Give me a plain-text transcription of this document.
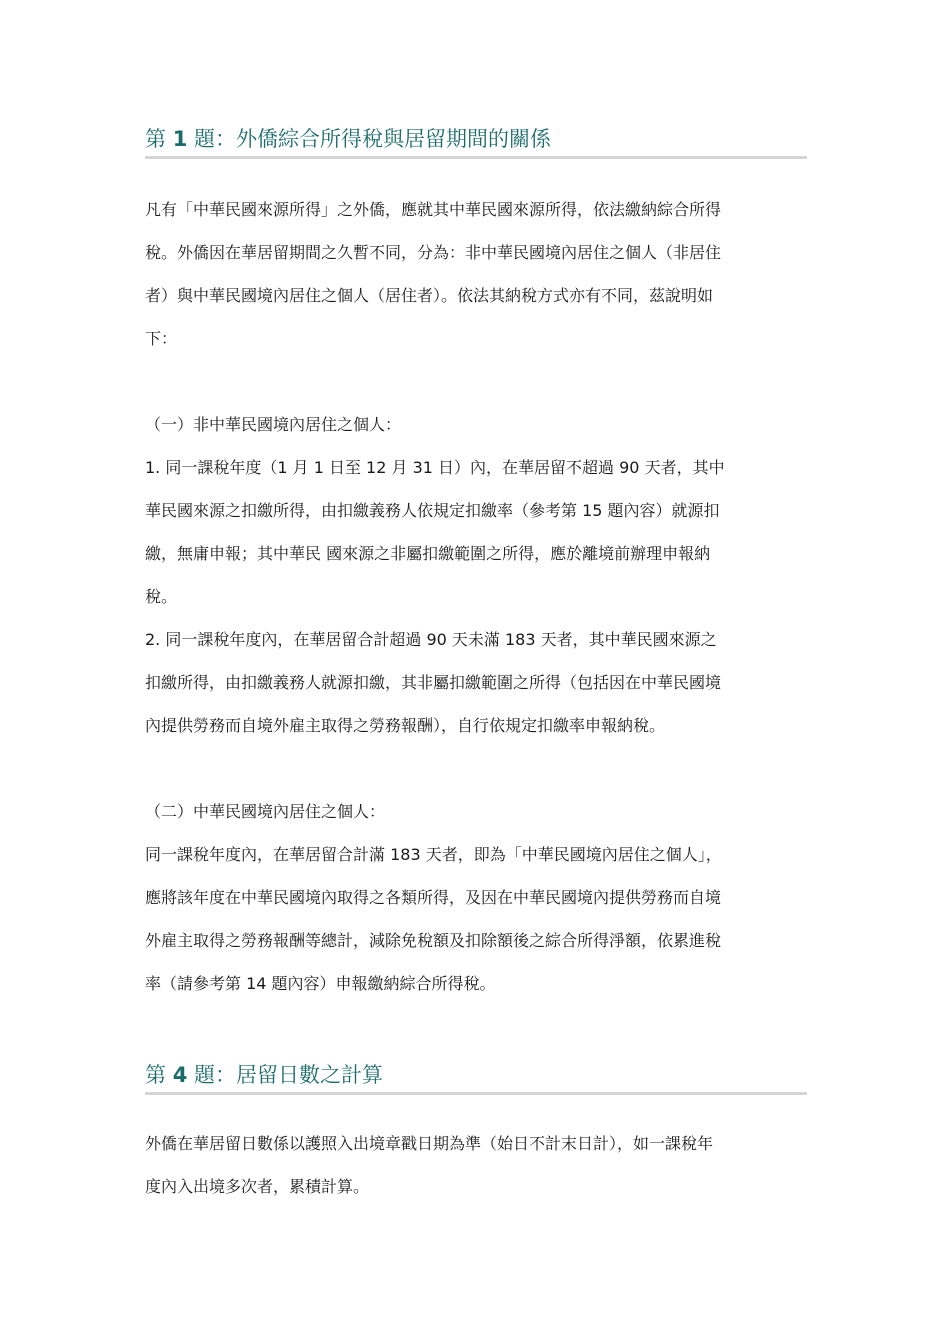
第 1 題：外僑綜合所得稅與居留期間的關係

凡有「中華民國來源所得」之外僑，應就其中華民國來源所得，依法繳納綜合所得
稅。外僑因在華居留期間之久暫不同，分為：非中華民國境內居住之個人（非居住
者）與中華民國境內居住之個人（居住者）。依法其納稅方式亦有不同，茲說明如
下：

（一）非中華民國境內居住之個人：

1. 同一課稅年度（1 月 1 日至 12 月 31 日）內，在華居留不超過 90 天者，其中
華民國來源之扣繳所得，由扣繳義務人依規定扣繳率（參考第 15 題內容）就源扣
繳，無庸申報；其中華民 國來源之非屬扣繳範圍之所得，應於離境前辦理申報納
稅。

2. 同一課稅年度內，在華居留合計超過 90 天未滿 183 天者，其中華民國來源之
扣繳所得，由扣繳義務人就源扣繳，其非屬扣繳範圍之所得（包括因在中華民國境
內提供勞務而自境外雇主取得之勞務報酬），自行依規定扣繳率申報納稅。

（二）中華民國境內居住之個人：

同一課稅年度內，在華居留合計滿 183 天者，即為「中華民國境內居住之個人」，
應將該年度在中華民國境內取得之各類所得，及因在中華民國境內提供勞務而自境
外雇主取得之勞務報酬等總計，減除免稅額及扣除額後之綜合所得淨額，依累進稅
率（請參考第 14 題內容）申報繳納綜合所得稅。

第 4 題：居留日數之計算

外僑在華居留日數係以護照入出境章戳日期為準（始日不計末日計），如一課稅年
度內入出境多次者，累積計算。
